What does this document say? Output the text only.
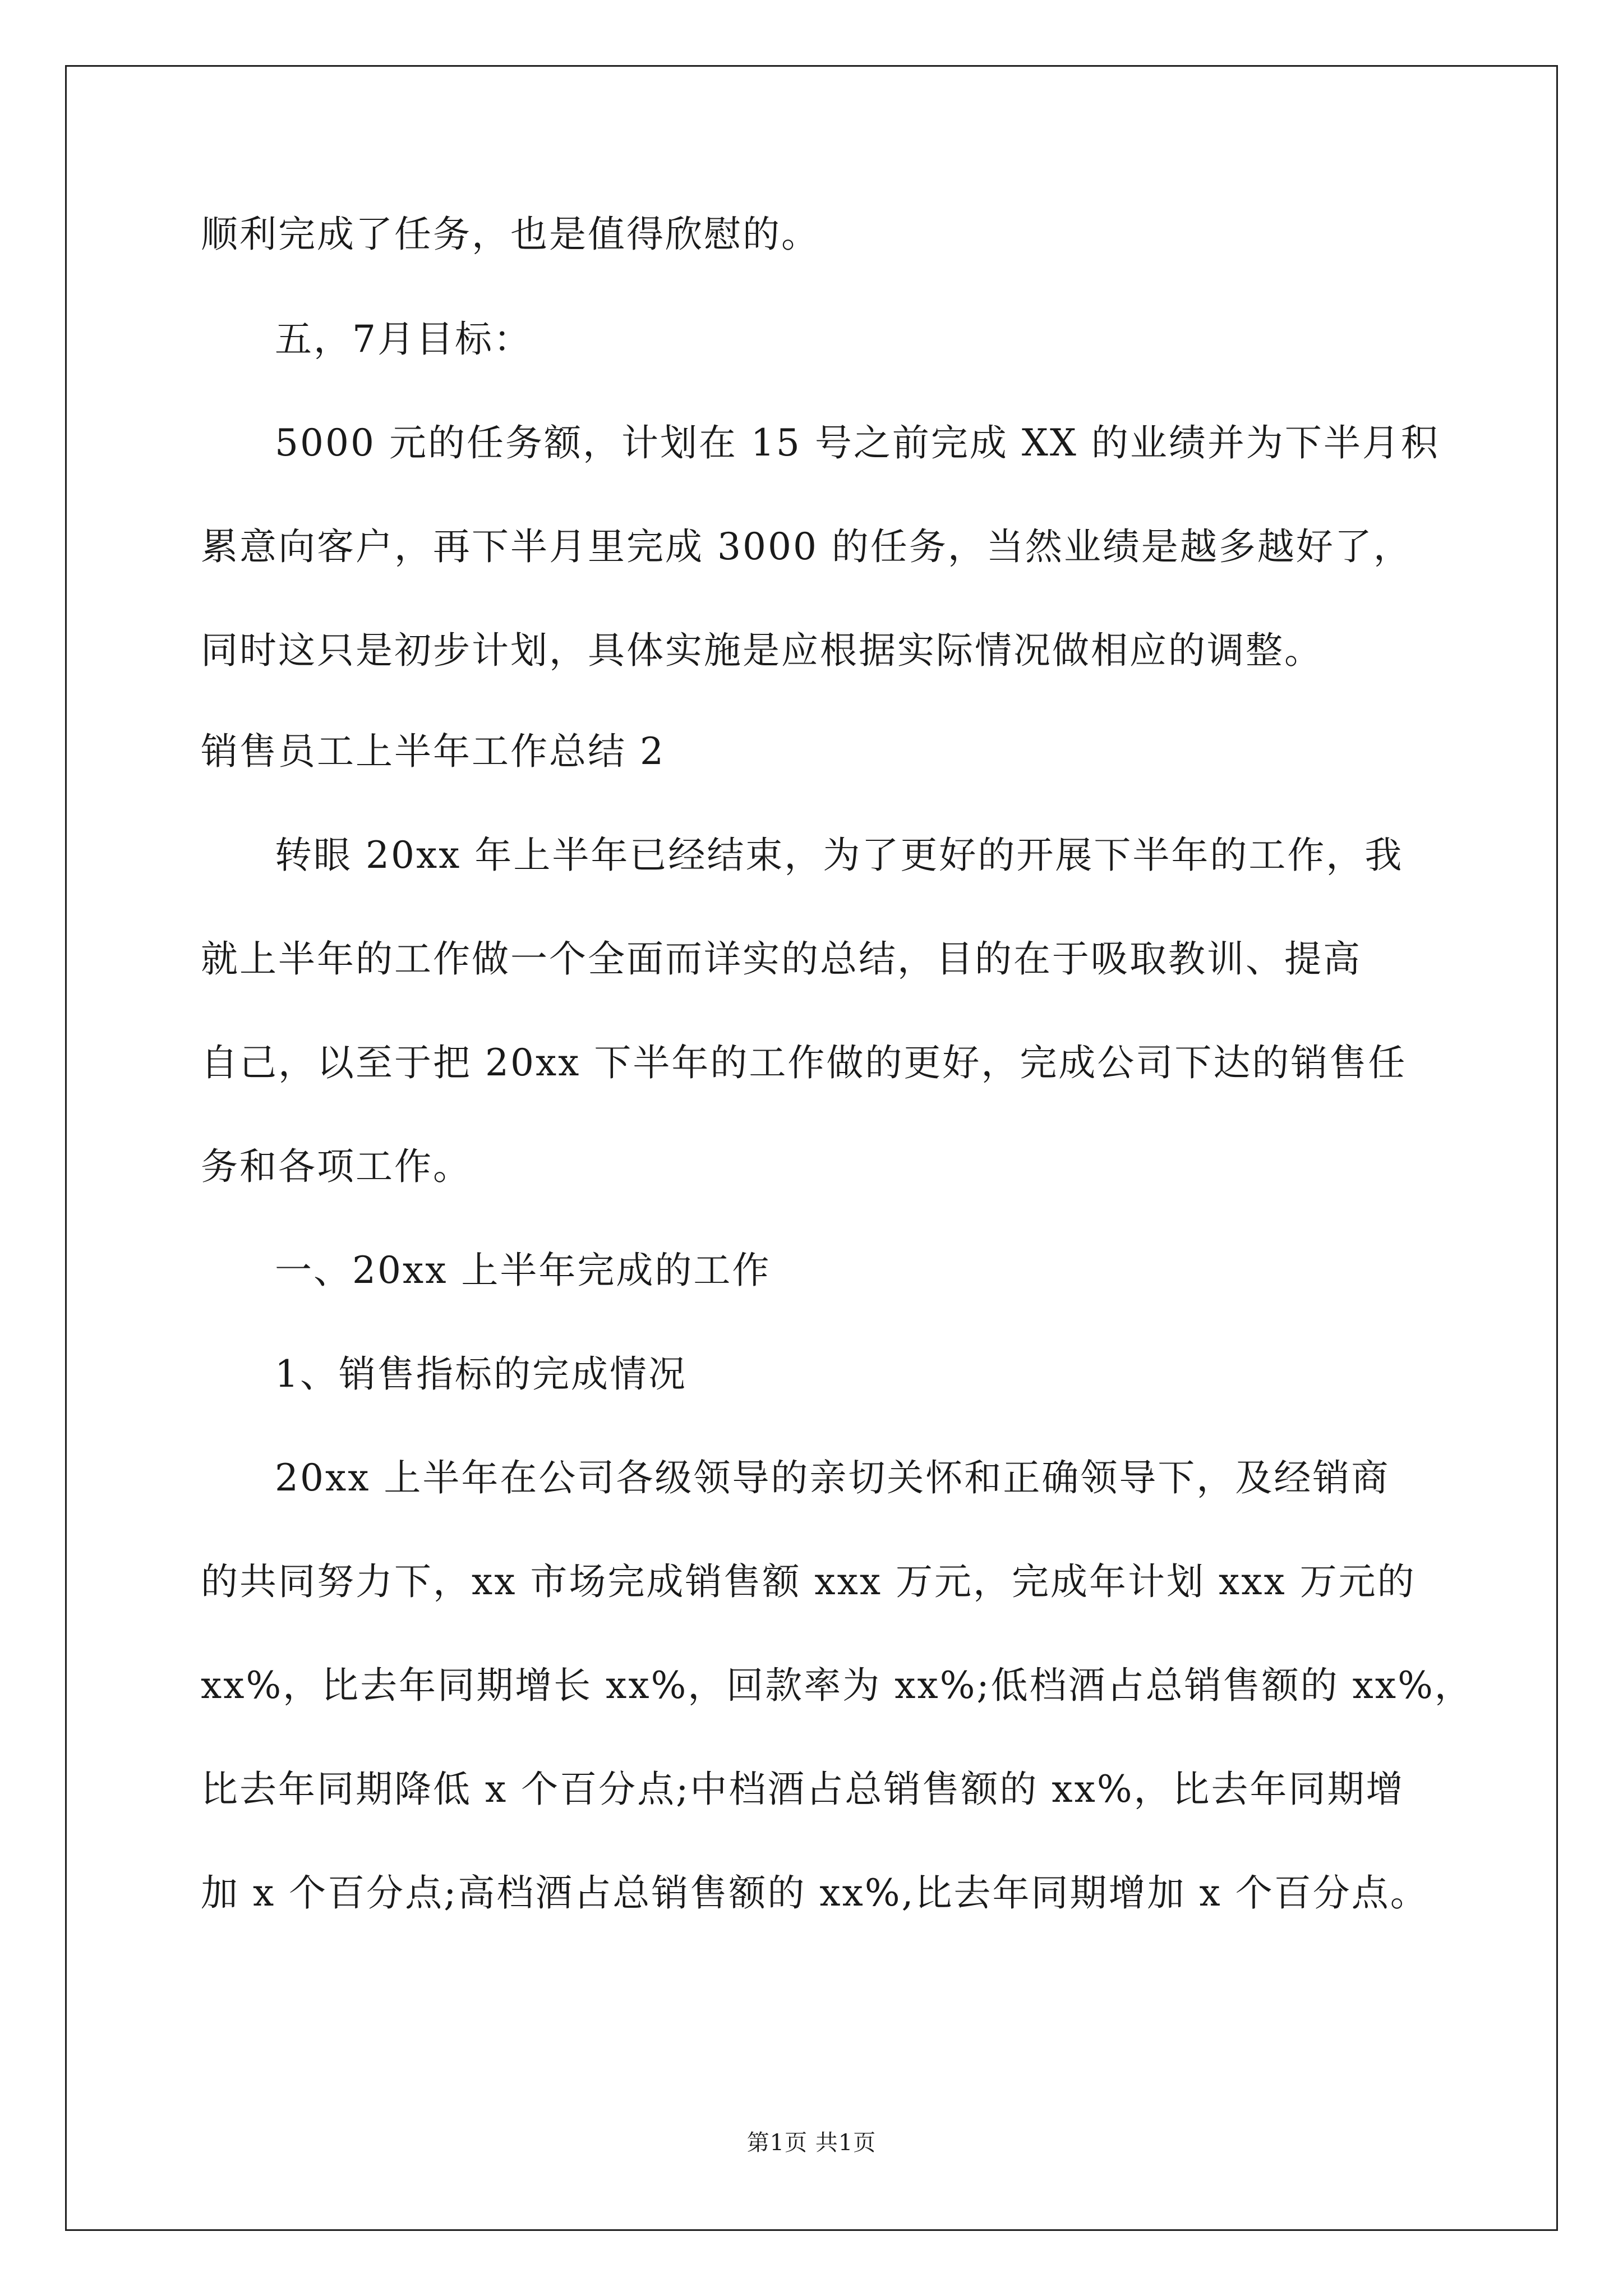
顺利完成了任务，也是值得欣慰的。
五，7月目标：
5000 元的任务额，计划在 15 号之前完成 XX 的业绩并为下半月积
累意向客户，再下半月里完成 3000 的任务，当然业绩是越多越好了，
同时这只是初步计划，具体实施是应根据实际情况做相应的调整。
销售员工上半年工作总结 2
转眼 20xx 年上半年已经结束，为了更好的开展下半年的工作，我
就上半年的工作做一个全面而详实的总结，目的在于吸取教训、提高
自己，以至于把 20xx 下半年的工作做的更好，完成公司下达的销售任
务和各项工作。
一、20xx 上半年完成的工作
1、销售指标的完成情况
20xx 上半年在公司各级领导的亲切关怀和正确领导下，及经销商
的共同努力下，xx 市场完成销售额 xxx 万元，完成年计划 xxx 万元的
xx%，比去年同期增长 xx%，回款率为 xx%;低档酒占总销售额的 xx%，
比去年同期降低 x 个百分点;中档酒占总销售额的 xx%，比去年同期增
加 x 个百分点;高档酒占总销售额的 xx%,比去年同期增加 x 个百分点。
第1页 共1页
